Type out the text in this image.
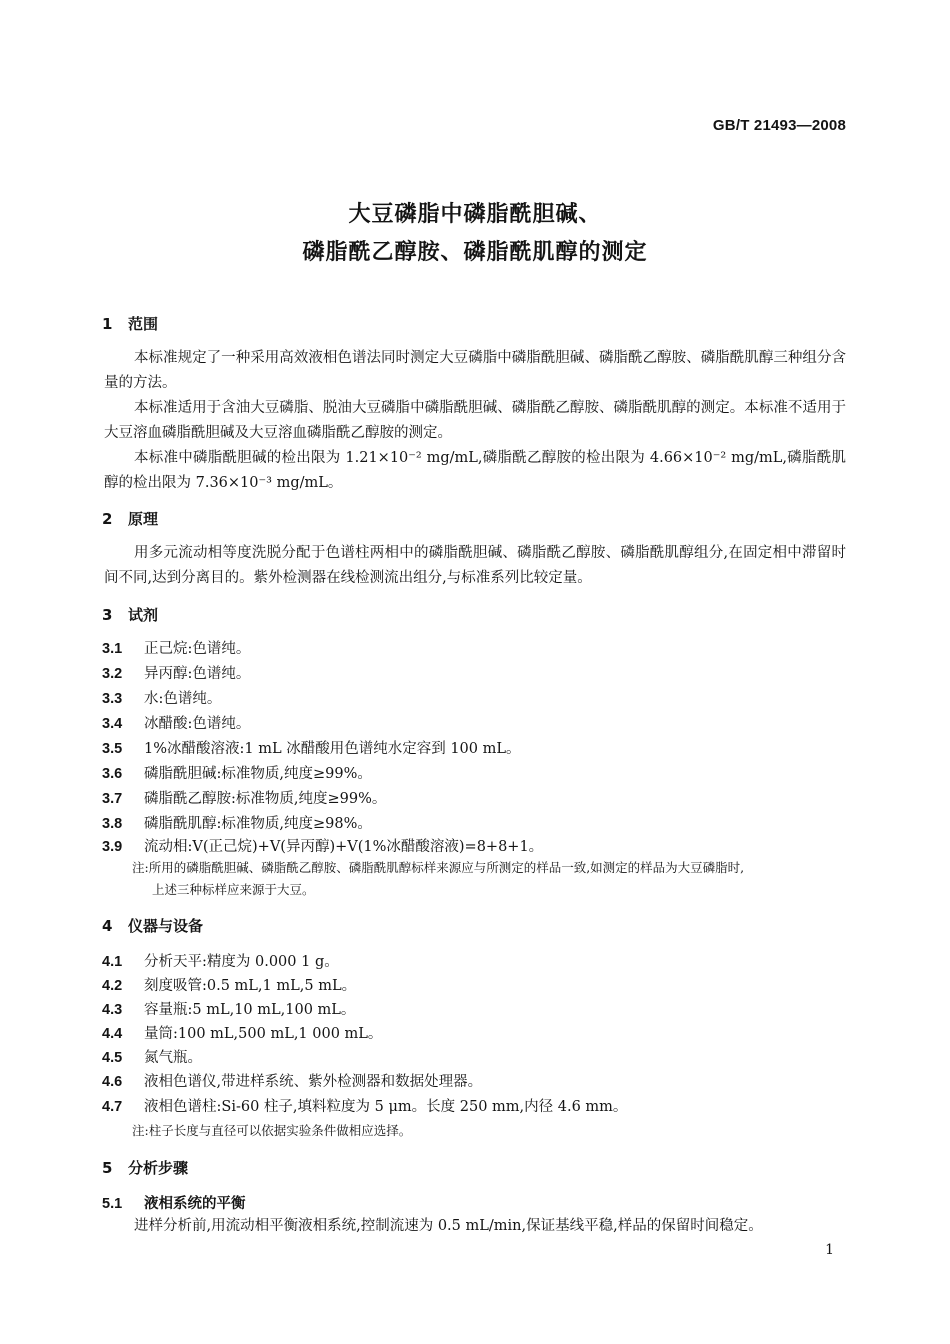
GB/T 21493—2008
大豆磷脂中磷脂酰胆碱、
磷脂酰乙醇胺、磷脂酰肌醇的测定
1 范围
本标准规定了一种采用高效液相色谱法同时测定大豆磷脂中磷脂酰胆碱、磷脂酰乙醇胺、磷脂酰肌醇三种组分含量的方法。
本标准适用于含油大豆磷脂、脱油大豆磷脂中磷脂酰胆碱、磷脂酰乙醇胺、磷脂酰肌醇的测定。本标准不适用于大豆溶血磷脂酰胆碱及大豆溶血磷脂酰乙醇胺的测定。
本标准中磷脂酰胆碱的检出限为 1.21×10⁻² mg/mL,磷脂酰乙醇胺的检出限为 4.66×10⁻² mg/mL,磷脂酰肌醇的检出限为 7.36×10⁻³ mg/mL。
2 原理
用多元流动相等度洗脱分配于色谱柱两相中的磷脂酰胆碱、磷脂酰乙醇胺、磷脂酰肌醇组分,在固定相中滞留时间不同,达到分离目的。紫外检测器在线检测流出组分,与标准系列比较定量。
3 试剂
3.1 正己烷:色谱纯。
3.2 异丙醇:色谱纯。
3.3 水:色谱纯。
3.4 冰醋酸:色谱纯。
3.5 1%冰醋酸溶液:1 mL 冰醋酸用色谱纯水定容到 100 mL。
3.6 磷脂酰胆碱:标准物质,纯度≥99%。
3.7 磷脂酰乙醇胺:标准物质,纯度≥99%。
3.8 磷脂酰肌醇:标准物质,纯度≥98%。
3.9 流动相:V(正己烷)+V(异丙醇)+V(1%冰醋酸溶液)=8+8+1。
注:所用的磷脂酰胆碱、磷脂酰乙醇胺、磷脂酰肌醇标样来源应与所测定的样品一致,如测定的样品为大豆磷脂时,
上述三种标样应来源于大豆。
4 仪器与设备
4.1 分析天平:精度为 0.000 1 g。
4.2 刻度吸管:0.5 mL,1 mL,5 mL。
4.3 容量瓶:5 mL,10 mL,100 mL。
4.4 量筒:100 mL,500 mL,1 000 mL。
4.5 氮气瓶。
4.6 液相色谱仪,带进样系统、紫外检测器和数据处理器。
4.7 液相色谱柱:Si-60 柱子,填料粒度为 5 μm。长度 250 mm,内径 4.6 mm。
注:柱子长度与直径可以依据实验条件做相应选择。
5 分析步骤
5.1 液相系统的平衡
进样分析前,用流动相平衡液相系统,控制流速为 0.5 mL/min,保证基线平稳,样品的保留时间稳定。
1
